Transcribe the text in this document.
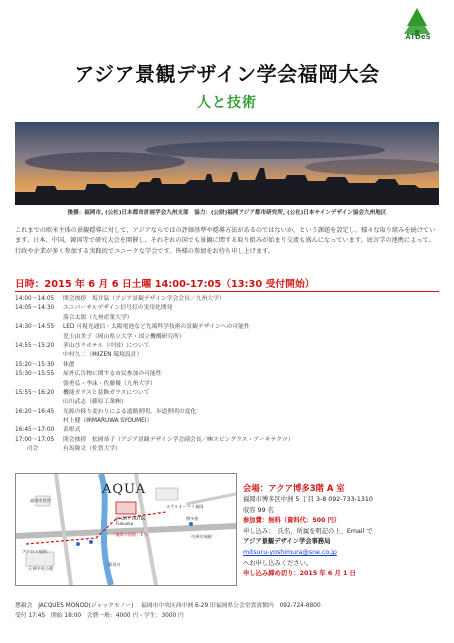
ATDeS
アジア景観デザイン学会福岡大会
人と技術
後援：福岡市, (公社)日本都市計画学会九州支部　協力：(公財)福岡アジア都市研究所, (公社)日本サインデザイン協会九州地区
これまでの欧米主体の景観穏導に対して、アジアならではの評価基準や穏導方法があるのではないか、という課題を設定し、様々な取り組みを続けています。日本、中国、韓国等で研究大会を開催し、それぞれの国でも景観に関する取り組みが始まり交流も盛んになっています。底言学の連携によって、行政や企業が多く参加する実践的でユニークな学会です。皆様の参加をお待ち申し上げます。
日時：2015 年 6 月 6 日土曜 14:00-17:05（13:30 受付開始）
14:00～14:05	開会挨拶　坂井猛（アジア景観デザイン学会会長／九州大学）
14:05～14:30	ユニバーサルデザイン信号灯の実用化開発
落合太郎（九州産業大学）
14:30～14:55	LED 可視光通信・太陽電池など先端科学技術の景観デザインへの可能性
児玉由美子（岡山県立大学・国立機構研究所）
14:55～15:20	茅山ぴラホテル（中国）について
中村久二（㈱IZEN 環境設計）
15:20～15:30	休憩
15:30～15:55	屋外広告物に関する市民参加の可能性
張勇弘・李沫・佐藤優（九州大学）
15:55～16:20	機能ガラスと装飾ガラスについて
山川武志（藤原工業㈱）
16:20～16:45	光源の移り変わりによる道路照明、歩道照明の変化
村上健（㈱MARUWA SYOUMEI）
16:45～17:00	表彰式
17:00～17:05	閉会挨拶　松岡恭子（アジア景観デザイン学会副会長／㈱スピングラス・アーキテクツ）
　　司会	有馬隆文（佐賀大学）
AQUA
JP CITY HOTEL Fukuoka
ホテルオークラ福岡
博多座
中洲川端駅
「福岡の国際」1号
アクロス福岡
天神中央公園
那珂川
福岡市役所
会場：アクア博多3階 A 室
福岡市博多区中洲 5 丁目 3-8 092-733-1310
収容 99 名
参加費：無料（資料代：500 円）
申し込み：　氏名、所属を明記の上、Email で
アジア景観デザイン学会事務局
mitsuru-yoshimura@sne.co.jp
へお申し込みください。
申し込み締め切り：2015 年 6 月 1 日
懇親会　JACQUES MONOD(ジャックモノー)　 福岡市中央区西中洲 6-29 旧福岡県公会堂貴賓館内　092-724-8800
受付 17:45　開始 18:00　会費一般：4000 円・学生：3000 円
